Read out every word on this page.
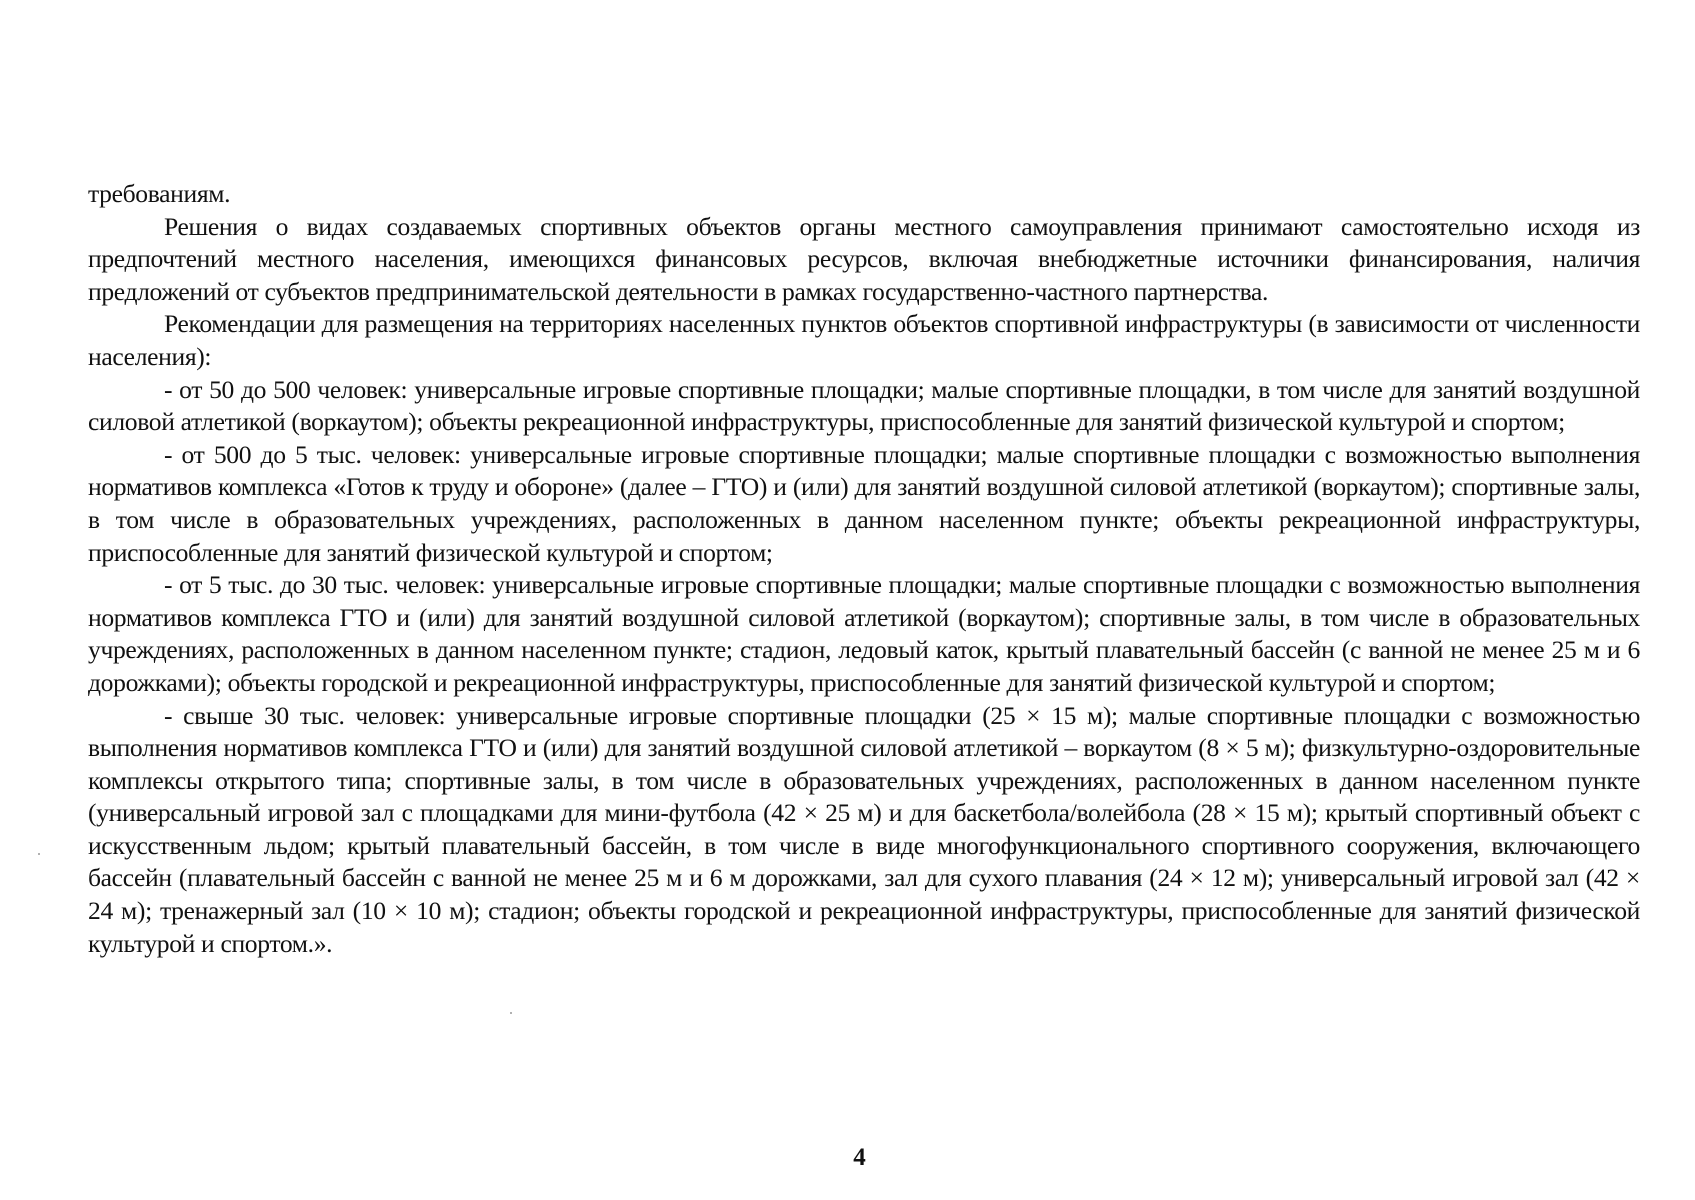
требованиям.

Решения о видах создаваемых спортивных объектов органы местного самоуправления принимают самостоятельно исходя из предпочтений местного населения, имеющихся финансовых ресурсов, включая внебюджетные источники финансирования, наличия предложений от субъектов предпринимательской деятельности в рамках государственно-частного партнерства.

Рекомендации для размещения на территориях населенных пунктов объектов спортивной инфраструктуры (в зависимости от численности населения):

- от 50 до 500 человек: универсальные игровые спортивные площадки; малые спортивные площадки, в том числе для занятий воздушной силовой атлетикой (воркаутом); объекты рекреационной инфраструктуры, приспособленные для занятий физической культурой и спортом;

- от 500 до 5 тыс. человек: универсальные игровые спортивные площадки; малые спортивные площадки с возможностью выполнения нормативов комплекса «Готов к труду и обороне» (далее – ГТО) и (или) для занятий воздушной силовой атлетикой (воркаутом); спортивные залы, в том числе в образовательных учреждениях, расположенных в данном населенном пункте; объекты рекреационной инфраструктуры, приспособленные для занятий физической культурой и спортом;

- от 5 тыс. до 30 тыс. человек: универсальные игровые спортивные площадки; малые спортивные площадки с возможностью выполнения нормативов комплекса ГТО и (или) для занятий воздушной силовой атлетикой (воркаутом); спортивные залы, в том числе в образовательных учреждениях, расположенных в данном населенном пункте; стадион, ледовый каток, крытый плавательный бассейн (с ванной не менее 25 м и 6 дорожками); объекты городской и рекреационной инфраструктуры, приспособленные для занятий физической культурой и спортом;

- свыше 30 тыс. человек: универсальные игровые спортивные площадки (25 × 15 м); малые спортивные площадки с возможностью выполнения нормативов комплекса ГТО и (или) для занятий воздушной силовой атлетикой – воркаутом (8 × 5 м); физкультурно-оздоровительные комплексы открытого типа; спортивные залы, в том числе в образовательных учреждениях, расположенных в данном населенном пункте (универсальный игровой зал с площадками для мини-футбола (42 × 25 м) и для баскетбола/волейбола (28 × 15 м); крытый спортивный объект с искусственным льдом; крытый плавательный бассейн, в том числе в виде многофункционального спортивного сооружения, включающего бассейн (плавательный бассейн с ванной не менее 25 м и 6 м дорожками, зал для сухого плавания (24 × 12 м); универсальный игровой зал (42 × 24 м); тренажерный зал (10 × 10 м); стадион; объекты городской и рекреационной инфраструктуры, приспособленные для занятий физической культурой и спортом.».

4
